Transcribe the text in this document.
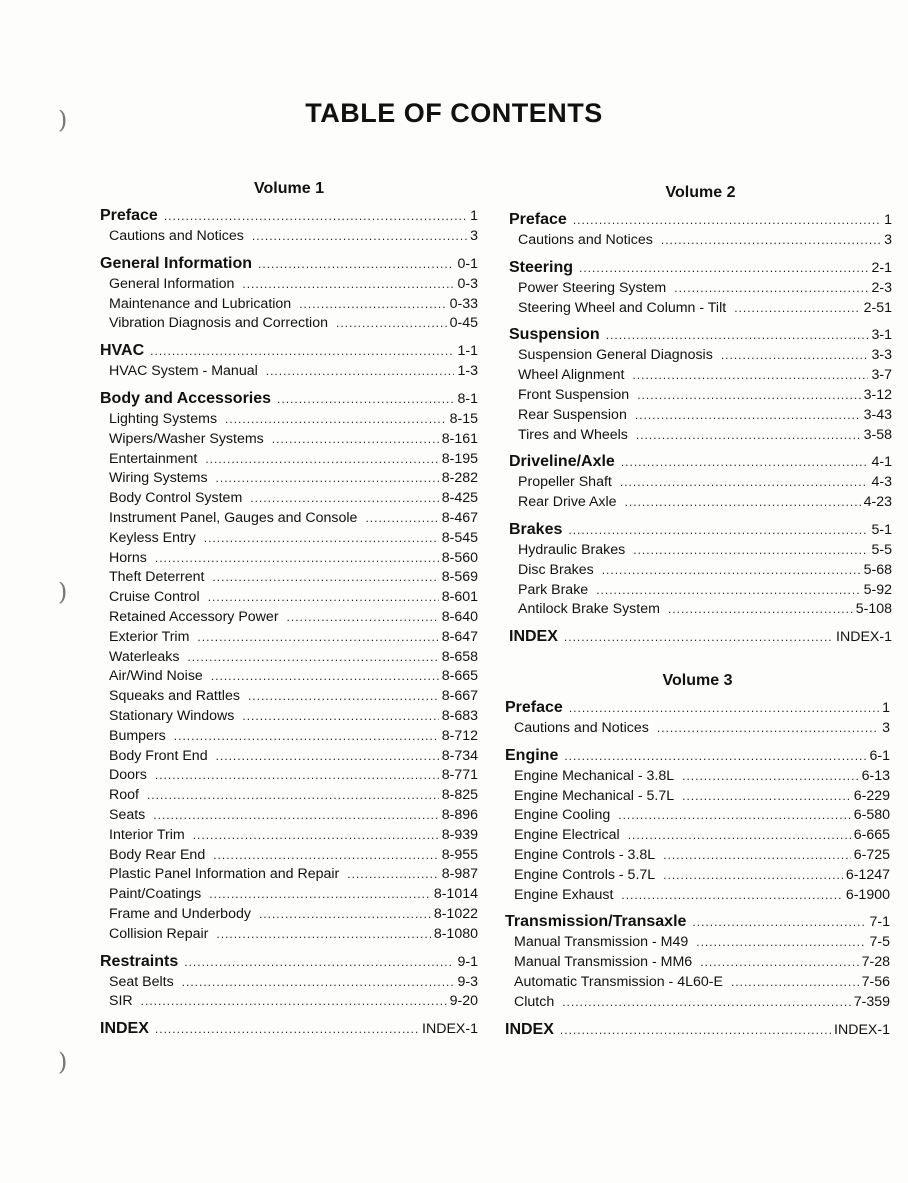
)
)
)
TABLE OF CONTENTS
Volume 1
Preface .....	1
Cautions and Notices .....	3
General Information .....	0-1
General Information .....	0-3
Maintenance and Lubrication .....	0-33
Vibration Diagnosis and Correction .....	0-45
HVAC .....	1-1
HVAC System - Manual .....	1-3
Body and Accessories .....	8-1
Lighting Systems .....	8-15
Wipers/Washer Systems .....	8-161
Entertainment .....	8-195
Wiring Systems .....	8-282
Body Control System .....	8-425
Instrument Panel, Gauges and Console .....	8-467
Keyless Entry .....	8-545
Horns .....	8-560
Theft Deterrent .....	8-569
Cruise Control .....	8-601
Retained Accessory Power .....	8-640
Exterior Trim .....	8-647
Waterleaks .....	8-658
Air/Wind Noise .....	8-665
Squeaks and Rattles .....	8-667
Stationary Windows .....	8-683
Bumpers .....	8-712
Body Front End .....	8-734
Doors .....	8-771
Roof .....	8-825
Seats .....	8-896
Interior Trim .....	8-939
Body Rear End .....	8-955
Plastic Panel Information and Repair .....	8-987
Paint/Coatings .....	8-1014
Frame and Underbody .....	8-1022
Collision Repair .....	8-1080
Restraints .....	9-1
Seat Belts .....	9-3
SIR .....	9-20
INDEX .....	INDEX-1
Volume 2
Preface .....	1
Cautions and Notices .....	3
Steering .....	2-1
Power Steering System .....	2-3
Steering Wheel and Column - Tilt .....	2-51
Suspension .....	3-1
Suspension General Diagnosis .....	3-3
Wheel Alignment .....	3-7
Front Suspension .....	3-12
Rear Suspension .....	3-43
Tires and Wheels .....	3-58
Driveline/Axle .....	4-1
Propeller Shaft .....	4-3
Rear Drive Axle .....	4-23
Brakes .....	5-1
Hydraulic Brakes .....	5-5
Disc Brakes .....	5-68
Park Brake .....	5-92
Antilock Brake System .....	5-108
INDEX .....	INDEX-1
Volume 3
Preface .....	1
Cautions and Notices .....	3
Engine .....	6-1
Engine Mechanical - 3.8L .....	6-13
Engine Mechanical - 5.7L .....	6-229
Engine Cooling .....	6-580
Engine Electrical .....	6-665
Engine Controls - 3.8L .....	6-725
Engine Controls - 5.7L .....	6-1247
Engine Exhaust .....	6-1900
Transmission/Transaxle .....	7-1
Manual Transmission - M49 .....	7-5
Manual Transmission - MM6 .....	7-28
Automatic Transmission - 4L60-E .....	7-56
Clutch .....	7-359
INDEX .....	INDEX-1
